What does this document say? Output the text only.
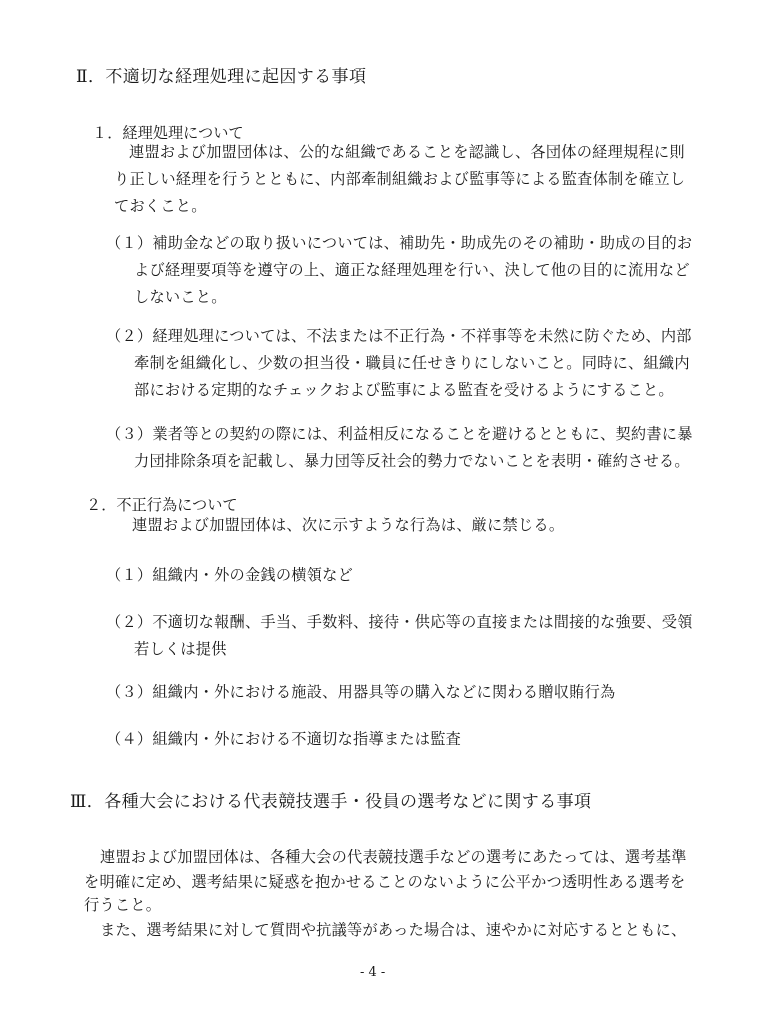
Ⅱ．不適切な経理処理に起因する事項
１．経理処理について
連盟および加盟団体は、公的な組織であることを認識し、各団体の経理規程に則
り正しい経理を行うとともに、内部牽制組織および監事等による監査体制を確立し
ておくこと。
（１）補助金などの取り扱いについては、補助先・助成先のその補助・助成の目的お
よび経理要項等を遵守の上、適正な経理処理を行い、決して他の目的に流用など
しないこと。
（２）経理処理については、不法または不正行為・不祥事等を未然に防ぐため、内部
牽制を組織化し、少数の担当役・職員に任せきりにしないこと。同時に、組織内
部における定期的なチェックおよび監事による監査を受けるようにすること。
（３）業者等との契約の際には、利益相反になることを避けるとともに、契約書に暴
力団排除条項を記載し、暴力団等反社会的勢力でないことを表明・確約させる。
２．不正行為について
連盟および加盟団体は、次に示すような行為は、厳に禁じる。
（１）組織内・外の金銭の横領など
（２）不適切な報酬、手当、手数料、接待・供応等の直接または間接的な強要、受領
若しくは提供
（３）組織内・外における施設、用器具等の購入などに関わる贈収賄行為
（４）組織内・外における不適切な指導または監査
Ⅲ．各種大会における代表競技選手・役員の選考などに関する事項
連盟および加盟団体は、各種大会の代表競技選手などの選考にあたっては、選考基準
を明確に定め、選考結果に疑惑を抱かせることのないように公平かつ透明性ある選考を
行うこと。
また、選考結果に対して質問や抗議等があった場合は、速やかに対応するとともに、
- 4 -
